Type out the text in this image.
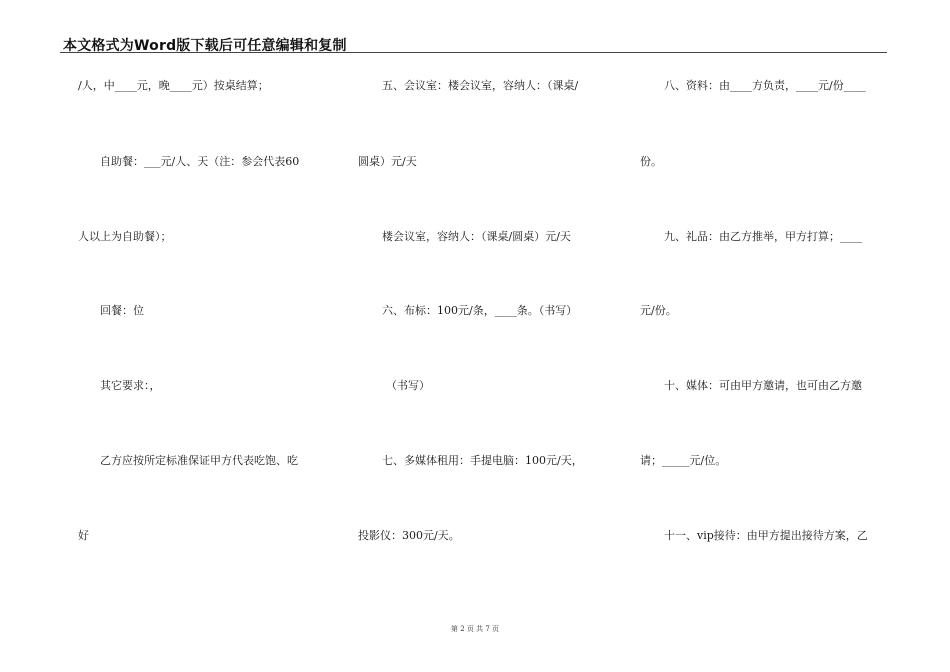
本文格式为Word版下载后可任意编辑和复制
/人，中____元，晚____元）按桌结算；
自助餐：___元/人、天（注：参会代表60
人以上为自助餐）；
回餐：位
其它要求：，
乙方应按所定标准保证甲方代表吃饱、吃
好
五、会议室：楼会议室，容纳人：（课桌/
圆桌）元/天
楼会议室，容纳人：（课桌/圆桌）元/天
六、布标：100元/条，____条。（书写）
（书写）
七、多媒体租用：手提电脑：100元/天，
投影仪：300元/天。
八、资料：由____方负责，____元/份____
份。
九、礼品：由乙方推举，甲方打算；____
元/份。
十、媒体：可由甲方邀请，也可由乙方邀
请；_____元/位。
十一、vip接待：由甲方提出接待方案，乙
第 2 页 共 7 页
